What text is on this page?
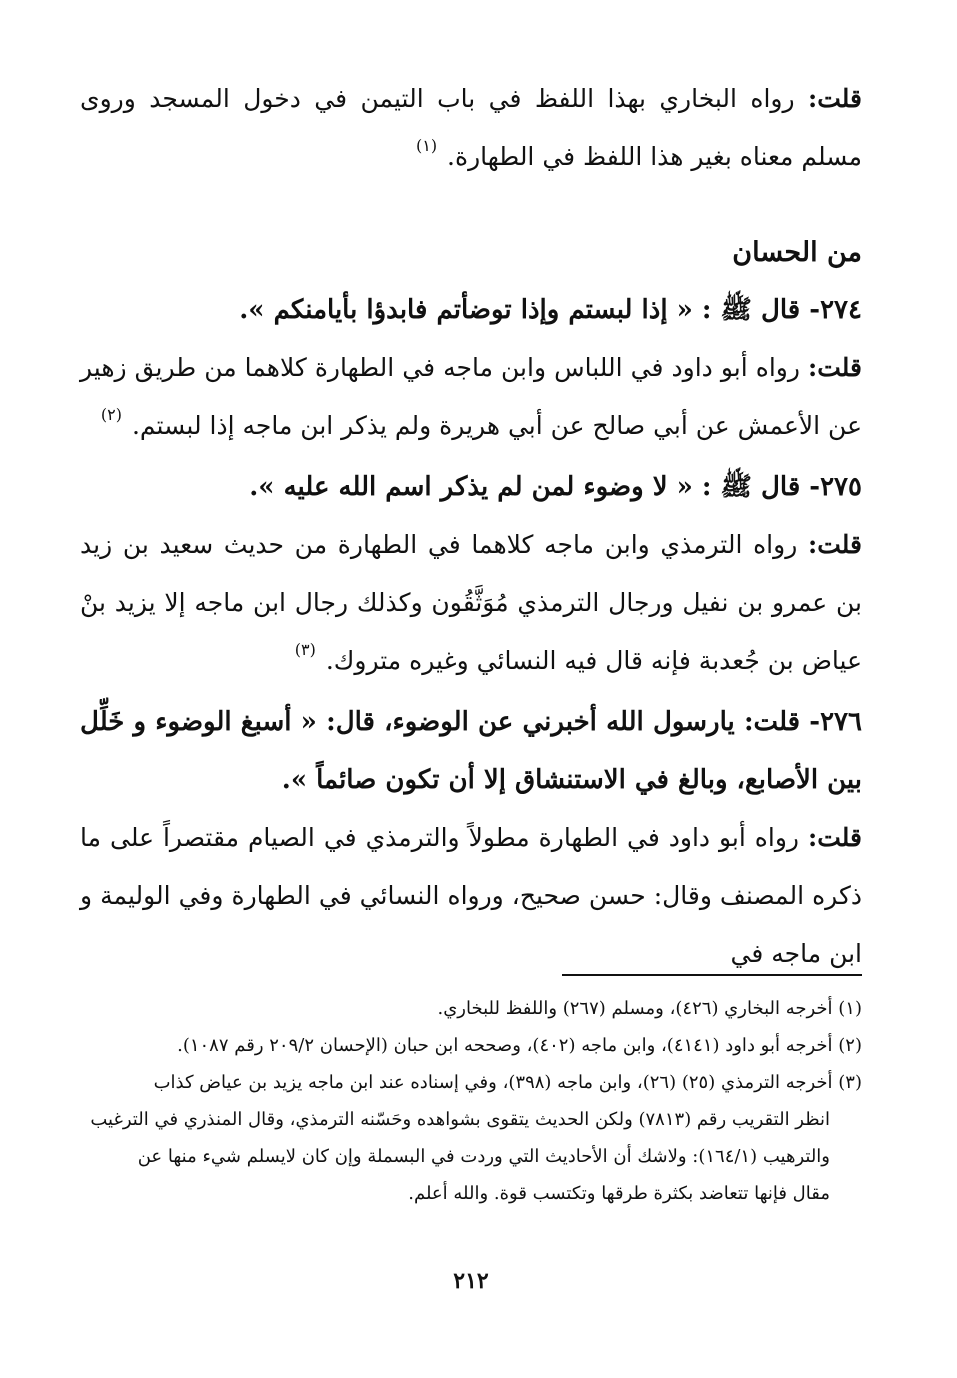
قلت: رواه البخاري بهذا اللفظ في باب التيمن في دخول المسجد وروى مسلم معناه بغير هذا اللفظ في الطهارة. $^{(١)}$

من الحسان

٢٧٤- قال ﷺ : « إذا لبستم وإذا توضأتم فابدؤا بأيامنكم ».

قلت: رواه أبو داود في اللباس وابن ماجه في الطهارة كلاهما من طريق زهير عن الأعمش عن أبي صالح عن أبي هريرة ولم يذكر ابن ماجه إذا لبستم. $^{(٢)}$

٢٧٥- قال ﷺ : « لا وضوء لمن لم يذكر اسم الله عليه ».

قلت: رواه الترمذي وابن ماجه كلاهما في الطهارة من حديث سعيد بن زيد بن عمرو بن نفيل ورجال الترمذي مُوَثَّقُون وكذلك رجال ابن ماجه إلا يزيد بنْ عياض بن جُعدبة فإنه قال فيه النسائي وغيره متروك. $^{(٣)}$

٢٧٦- قلت: يارسول الله أخبرني عن الوضوء، قال: « أسبغ الوضوء و خَلِّل بين الأصابع، وبالغ في الاستنشاق إلا أن تكون صائماً ».

قلت: رواه أبو داود في الطهارة مطولاً والترمذي في الصيام مقتصراً على ما ذكره المصنف وقال: حسن صحيح، ورواه النسائي في الطهارة وفي الوليمة و ابن ماجه في

(١) أخرجه البخاري (٤٢٦)، ومسلم (٢٦٧) واللفظ للبخاري.

(٢) أخرجه أبو داود (٤١٤١)، وابن ماجه (٤٠٢)، وصححه ابن حبان (الإحسان ٢٠٩/٢ رقم ١٠٨٧).

(٣) أخرجه الترمذي (٢٥) (٢٦)، وابن ماجه (٣٩٨)، وفي إسناده عند ابن ماجه يزيد بن عياض كذاب

انظر التقريب رقم (٧٨١٣) ولكن الحديث يتقوى بشواهده وحَسّنه الترمذي، وقال المنذري في الترغيب

والترهيب (١٦٤/١): ولاشك أن الأحاديث التي وردت في البسملة وإن كان لايسلم شيء منها عن

مقال فإنها تتعاضد بكثرة طرقها وتكتسب قوة. والله أعلم.

٢١٢
